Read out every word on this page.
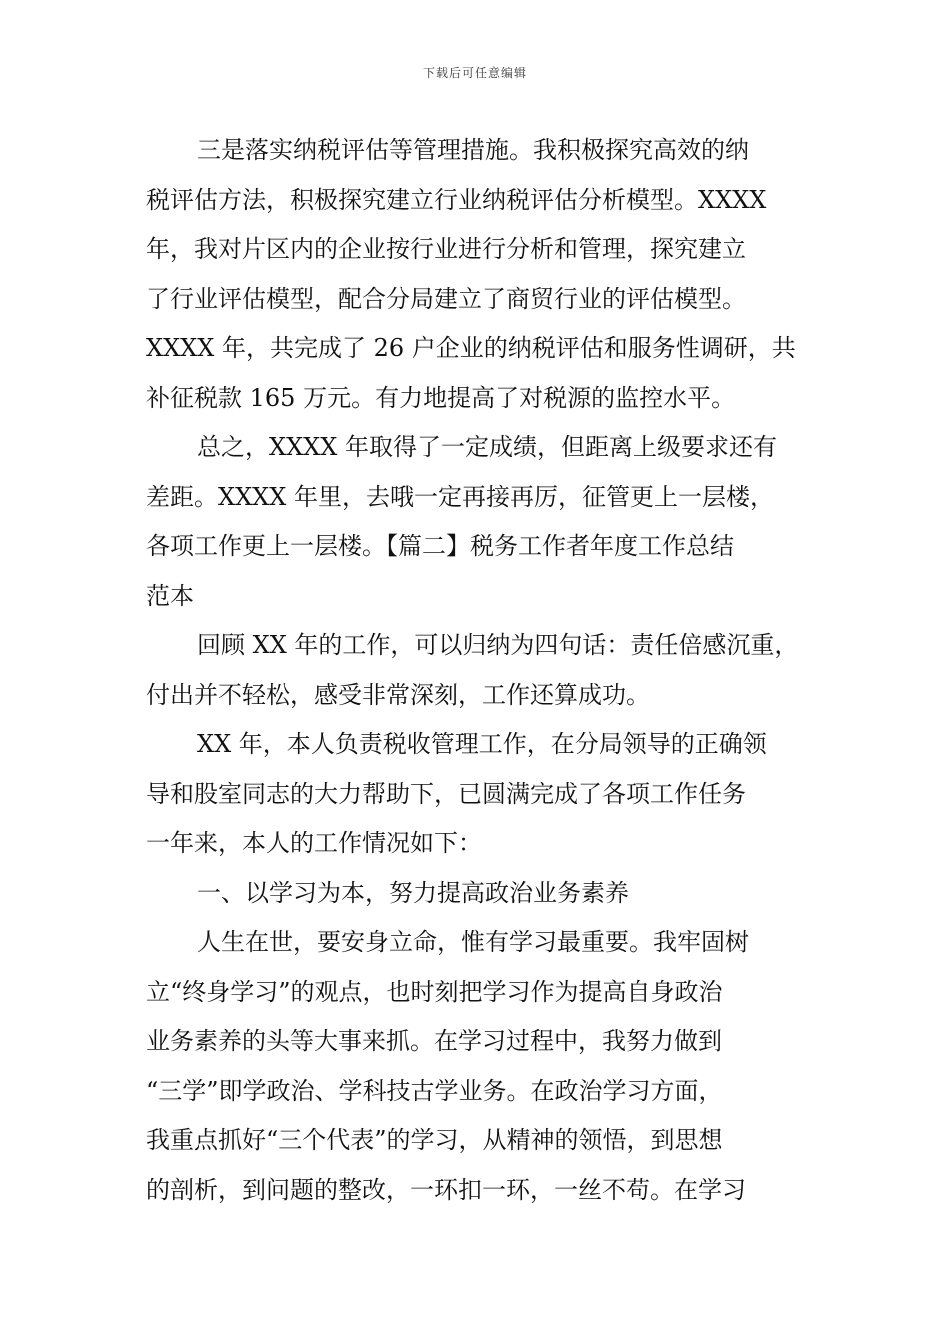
下载后可任意编辑

三是落实纳税评估等管理措施。我积极探究高效的纳
税评估方法，积极探究建立行业纳税评估分析模型。XXXX
年，我对片区内的企业按行业进行分析和管理，探究建立
了行业评估模型，配合分局建立了商贸行业的评估模型。
XXXX 年，共完成了 26 户企业的纳税评估和服务性调研，共
补征税款 165 万元。有力地提高了对税源的监控水平。

总之，XXXX 年取得了一定成绩，但距离上级要求还有
差距。XXXX 年里，去哦一定再接再厉，征管更上一层楼，
各项工作更上一层楼。【篇二】税务工作者年度工作总结
范本

回顾 XX 年的工作，可以归纳为四句话：责任倍感沉重，
付出并不轻松，感受非常深刻，工作还算成功。

XX 年，本人负责税收管理工作，在分局领导的正确领
导和股室同志的大力帮助下，已圆满完成了各项工作任务
一年来，本人的工作情况如下：

一、以学习为本，努力提高政治业务素养

人生在世，要安身立命，惟有学习最重要。我牢固树
立“终身学习”的观点，也时刻把学习作为提高自身政治
业务素养的头等大事来抓。在学习过程中，我努力做到
“三学”即学政治、学科技古学业务。在政治学习方面，
我重点抓好“三个代表”的学习，从精神的领悟，到思想
的剖析，到问题的整改，一环扣一环，一丝不苟。在学习
